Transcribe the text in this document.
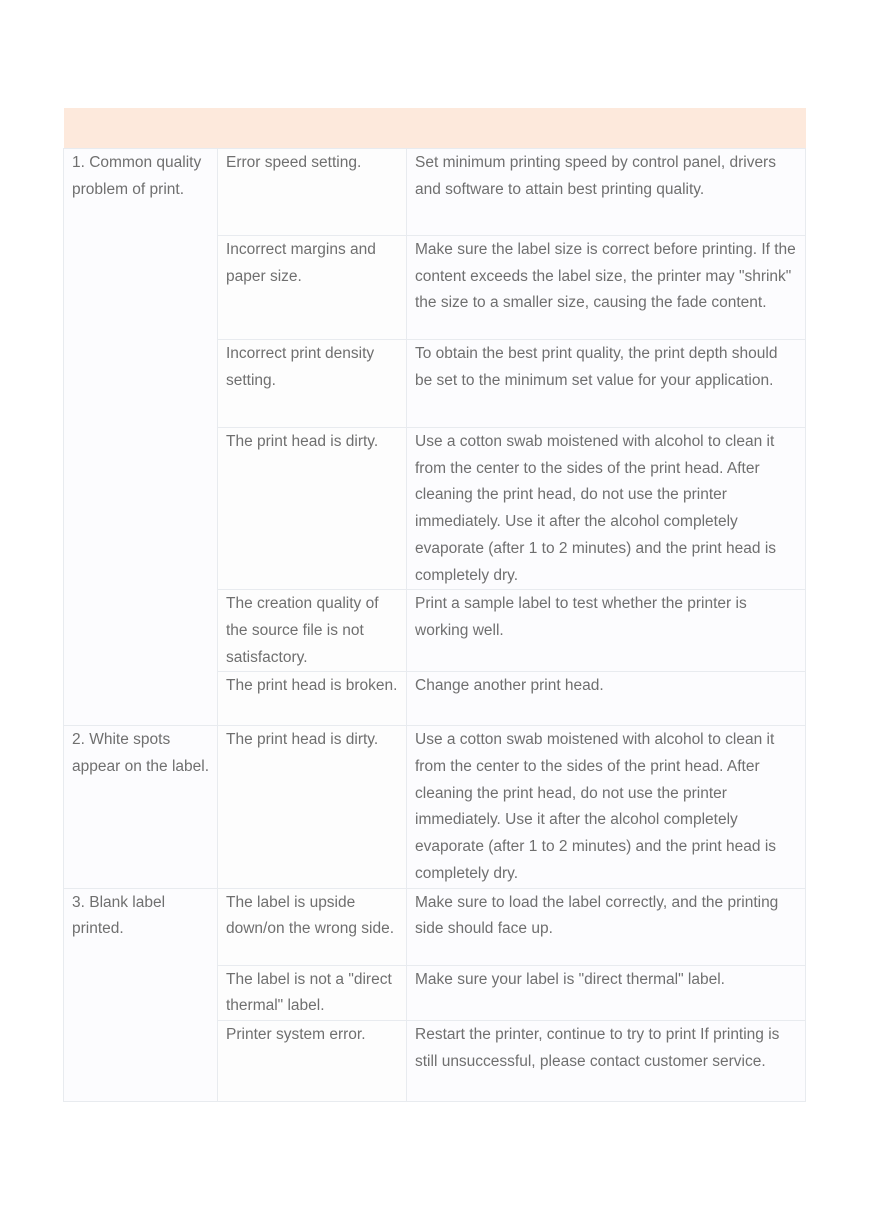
1. Common quality problem of print.	Error speed setting.	Set minimum printing speed by control panel, drivers and software to attain best printing quality.
	Incorrect margins and paper size.	Make sure the label size is correct before printing. If the content exceeds the label size, the printer may "shrink" the size to a smaller size, causing the fade content.
	Incorrect print density setting.	To obtain the best print quality, the print depth should be set to the minimum set value for your application.
	The print head is dirty.	Use a cotton swab moistened with alcohol to clean it from the center to the sides of the print head. After cleaning the print head, do not use the printer immediately. Use it after the alcohol completely evaporate (after 1 to 2 minutes) and the print head is completely dry.
	The creation quality of the source file is not satisfactory.	Print a sample label to test whether the printer is working well.
	The print head is broken.	Change another print head.
2. White spots appear on the label.	The print head is dirty.	Use a cotton swab moistened with alcohol to clean it from the center to the sides of the print head. After cleaning the print head, do not use the printer immediately. Use it after the alcohol completely evaporate (after 1 to 2 minutes) and the print head is completely dry.
3. Blank label printed.	The label is upside down/on the wrong side.	Make sure to load the label correctly, and the printing side should face up.
	The label is not a "direct thermal" label.	Make sure your label is "direct thermal" label.
	Printer system error.	Restart the printer, continue to try to print If printing is still unsuccessful, please contact customer service.
